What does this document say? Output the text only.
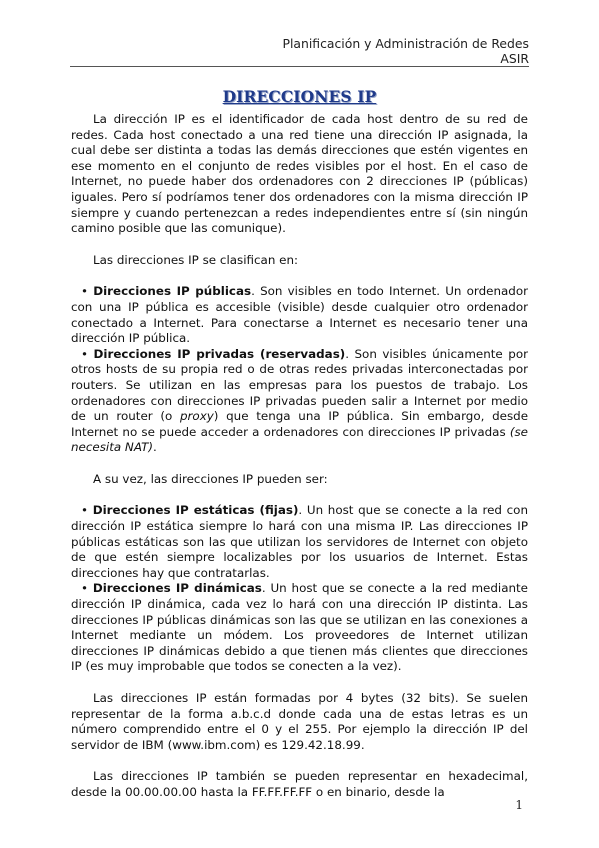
Planificación y Administración de Redes
ASIR
DIRECCIONES IP

La dirección IP es el identificador de cada host dentro de su red de redes. Cada host conectado a una red tiene una dirección IP asignada, la cual debe ser distinta a todas las demás direcciones que estén vigentes en ese momento en el conjunto de redes visibles por el host. En el caso de Internet, no puede haber dos ordenadores con 2 direcciones IP (públicas) iguales. Pero sí podríamos tener dos ordenadores con la misma dirección IP siempre y cuando pertenezcan a redes independientes entre sí (sin ningún camino posible que las comunique).

Las direcciones IP se clasifican en:

• Direcciones IP públicas. Son visibles en todo Internet. Un ordenador con una IP pública es accesible (visible) desde cualquier otro ordenador conectado a Internet. Para conectarse a Internet es necesario tener una dirección IP pública.

• Direcciones IP privadas (reservadas). Son visibles únicamente por otros hosts de su propia red o de otras redes privadas interconectadas por routers. Se utilizan en las empresas para los puestos de trabajo. Los ordenadores con direcciones IP privadas pueden salir a Internet por medio de un router (o proxy) que tenga una IP pública. Sin embargo, desde Internet no se puede acceder a ordenadores con direcciones IP privadas (se necesita NAT).

A su vez, las direcciones IP pueden ser:

• Direcciones IP estáticas (fijas). Un host que se conecte a la red con dirección IP estática siempre lo hará con una misma IP. Las direcciones IP públicas estáticas son las que utilizan los servidores de Internet con objeto de que estén siempre localizables por los usuarios de Internet. Estas direcciones hay que contratarlas.

• Direcciones IP dinámicas. Un host que se conecte a la red mediante dirección IP dinámica, cada vez lo hará con una dirección IP distinta. Las direcciones IP públicas dinámicas son las que se utilizan en las conexiones a Internet mediante un módem. Los proveedores de Internet utilizan direcciones IP dinámicas debido a que tienen más clientes que direcciones IP (es muy improbable que todos se conecten a la vez).

Las direcciones IP están formadas por 4 bytes (32 bits). Se suelen representar de la forma a.b.c.d donde cada una de estas letras es un número comprendido entre el 0 y el 255. Por ejemplo la dirección IP del servidor de IBM (www.ibm.com) es 129.42.18.99.

Las direcciones IP también se pueden representar en hexadecimal, desde la 00.00.00.00 hasta la FF.FF.FF.FF o en binario, desde la

1
